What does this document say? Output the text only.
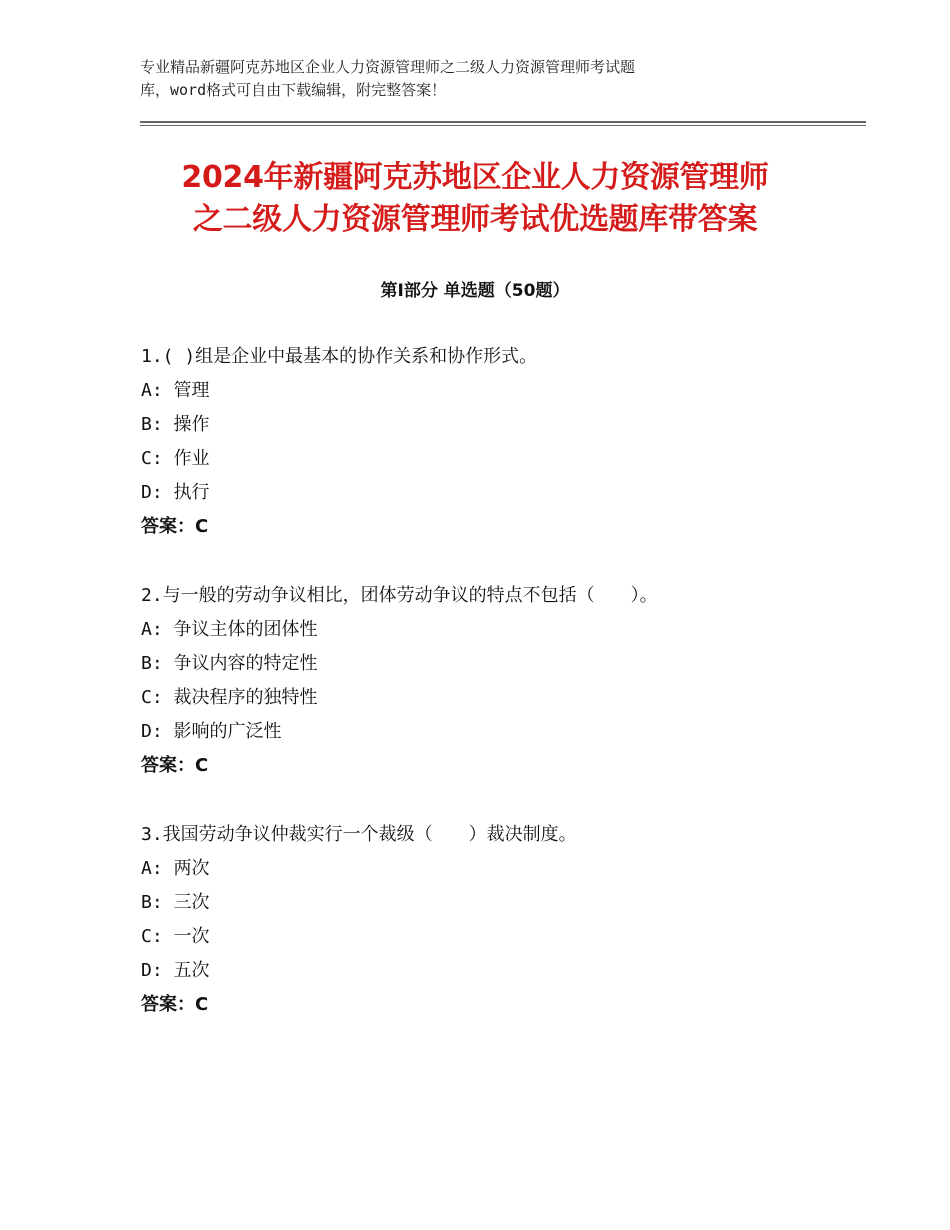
专业精品新疆阿克苏地区企业人力资源管理师之二级人力资源管理师考试题
库，word格式可自由下载编辑，附完整答案！
2024年新疆阿克苏地区企业人力资源管理师
之二级人力资源管理师考试优选题库带答案
第Ⅰ部分 单选题（50题）
1.( )组是企业中最基本的协作关系和协作形式。
A: 管理
B: 操作
C: 作业
D: 执行
答案：C
2.与一般的劳动争议相比，团体劳动争议的特点不包括（　　）。
A: 争议主体的团体性
B: 争议内容的特定性
C: 裁决程序的独特性
D: 影响的广泛性
答案：C
3.我国劳动争议仲裁实行一个裁级（　　）裁决制度。
A: 两次
B: 三次
C: 一次
D: 五次
答案：C
